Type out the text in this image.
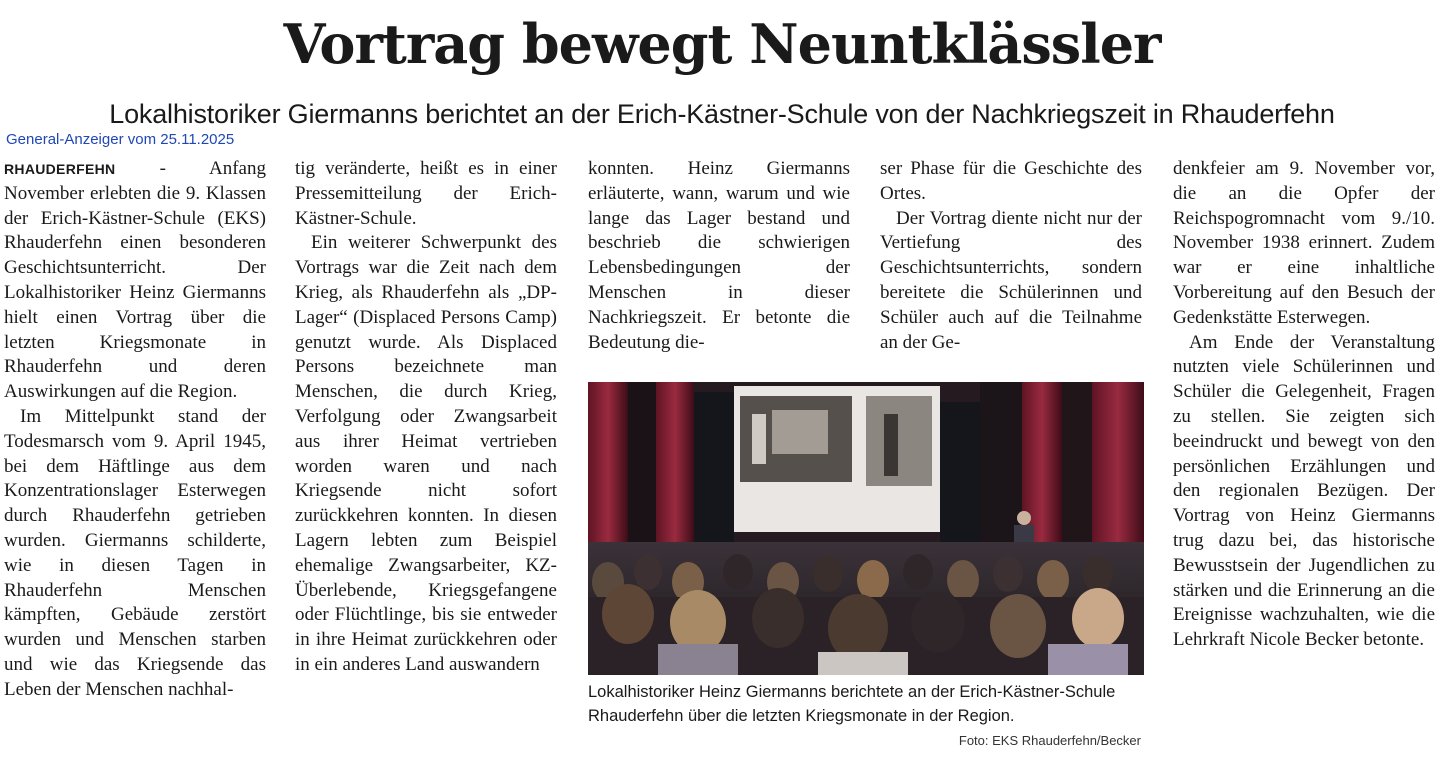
Vortrag bewegt Neuntklässler
Lokalhistoriker Giermanns berichtet an der Erich-Kästner-Schule von der Nachkriegszeit in Rhauderfehn
General-Anzeiger vom 25.11.2025

RHAUDERFEHN - Anfang November erlebten die 9. Klassen der Erich-Kästner-Schule (EKS) Rhauderfehn einen besonderen Geschichtsunterricht. Der Lokalhistoriker Heinz Giermanns hielt einen Vortrag über die letzten Kriegsmonate in Rhauderfehn und deren Auswirkungen auf die Region.

Im Mittelpunkt stand der Todesmarsch vom 9. April 1945, bei dem Häftlinge aus dem Konzentrationslager Esterwegen durch Rhauderfehn getrieben wurden. Giermanns schilderte, wie in diesen Tagen in Rhauderfehn Menschen kämpften, Gebäude zerstört wurden und Menschen starben und wie das Kriegsende das Leben der Menschen nachhal-

tig veränderte, heißt es in einer Pressemitteilung der Erich-Kästner-Schule.

Ein weiterer Schwerpunkt des Vortrags war die Zeit nach dem Krieg, als Rhauderfehn als „DP-Lager“ (Displaced Persons Camp) genutzt wurde. Als Displaced Persons bezeichnete man Menschen, die durch Krieg, Verfolgung oder Zwangsarbeit aus ihrer Heimat vertrieben worden waren und nach Kriegsende nicht sofort zurückkehren konnten. In diesen Lagern lebten zum Beispiel ehemalige Zwangsarbeiter, KZ-Überlebende, Kriegsgefangene oder Flüchtlinge, bis sie entweder in ihre Heimat zurückkehren oder in ein anderes Land auswandern

konnten. Heinz Giermanns erläuterte, wann, warum und wie lange das Lager bestand und beschrieb die schwierigen Lebensbedingungen der Menschen in dieser Nachkriegszeit. Er betonte die Bedeutung die-

ser Phase für die Geschichte des Ortes.

Der Vortrag diente nicht nur der Vertiefung des Geschichtsunterrichts, sondern bereitete die Schülerinnen und Schüler auch auf die Teilnahme an der Ge-

denkfeier am 9. November vor, die an die Opfer der Reichspogromnacht vom 9./10. November 1938 erinnert. Zudem war er eine inhaltliche Vorbereitung auf den Besuch der Gedenkstätte Esterwegen.

Am Ende der Veranstaltung nutzten viele Schülerinnen und Schüler die Gelegenheit, Fragen zu stellen. Sie zeigten sich beeindruckt und bewegt von den persönlichen Erzählungen und den regionalen Bezügen. Der Vortrag von Heinz Giermanns trug dazu bei, das historische Bewusstsein der Jugendlichen zu stärken und die Erinnerung an die Ereignisse wachzuhalten, wie die Lehrkraft Nicole Becker betonte.

Lokalhistoriker Heinz Giermanns berichtete an der Erich-Kästner-Schule Rhauderfehn über die letzten Kriegsmonate in der Region.
Foto: EKS Rhauderfehn/Becker
